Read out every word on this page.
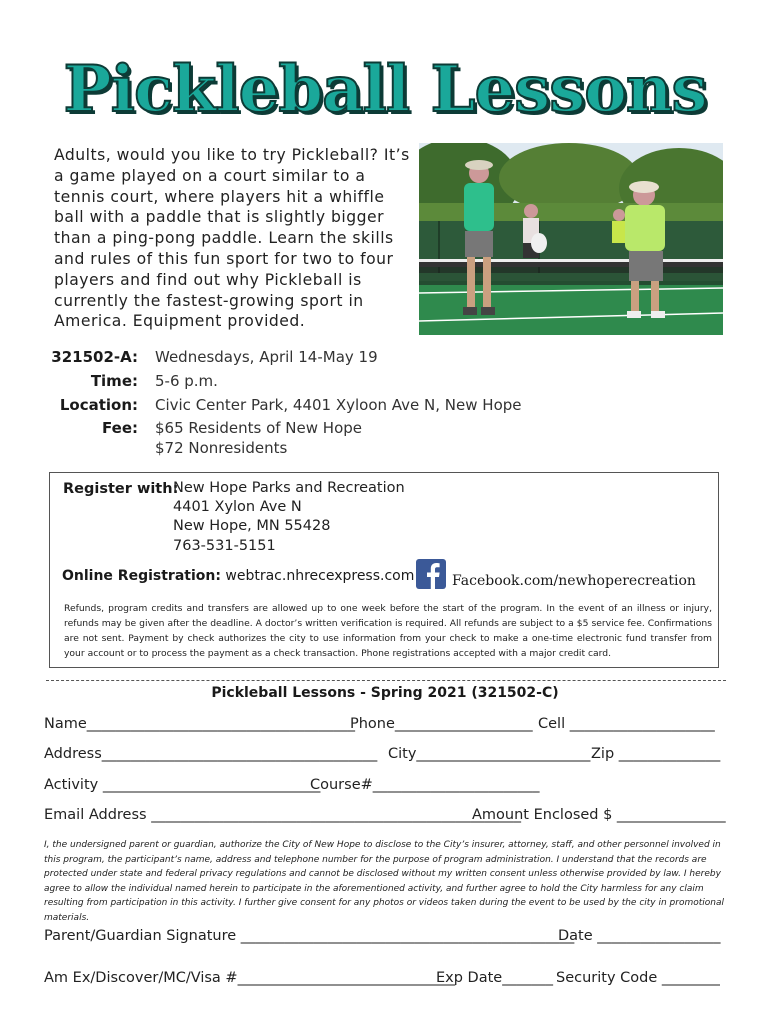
Pickleball Lessons
Adults, would you like to try Pickleball? It’s a game played on a court similar to a tennis court, where players hit a whiffle ball with a paddle that is slightly bigger than a ping-pong paddle. Learn the skills and rules of this fun sport for two to four players and find out why Pickleball is currently the fastest-growing sport in America. Equipment provided.
321502-A: Wednesdays, April 14-May 19
Time: 5-6 p.m.
Location: Civic Center Park, 4401 Xyloon Ave N, New Hope
Fee: $65 Residents of New Hope
$72 Nonresidents
Register with:
New Hope Parks and Recreation
4401 Xylon Ave N
New Hope, MN 55428
763-531-5151
Online Registration: webtrac.nhrecexpress.com	Facebook.com/newhoperecreation
Refunds, program credits and transfers are allowed up to one week before the start of the program. In the event of an illness or injury, refunds may be given after the deadline. A doctor’s written verification is required. All refunds are subject to a $5 service fee. Confirmations are not sent. Payment by check authorizes the city to use information from your check to make a one-time electronic fund transfer from your account or to process the payment as a check transaction. Phone registrations accepted with a major credit card.
Pickleball Lessons - Spring 2021 (321502-C)
Name_____________________________________
Phone___________________ Cell ____________________
Address______________________________________ City________________________ Zip ______________
Activity ______________________________
Course#_______________________
Email Address ___________________________________________________
Amount Enclosed $ _______________
I, the undersigned parent or guardian, authorize the City of New Hope to disclose to the City’s insurer, attorney, staff, and other personnel involved in this program, the participant’s name, address and telephone number for the purpose of program administration. I understand that the records are protected under state and federal privacy regulations and cannot be disclosed without my written consent unless otherwise provided by law. I hereby agree to allow the individual named herein to participate in the aforementioned activity, and further agree to hold the City harmless for any claim resulting from participation in this activity. I further give consent for any photos or videos taken during the event to be used by the city in promotional materials.
Parent/Guardian Signature ______________________________________________
Date _________________
Am Ex/Discover/MC/Visa #______________________________
Exp Date_______ Security Code ________
